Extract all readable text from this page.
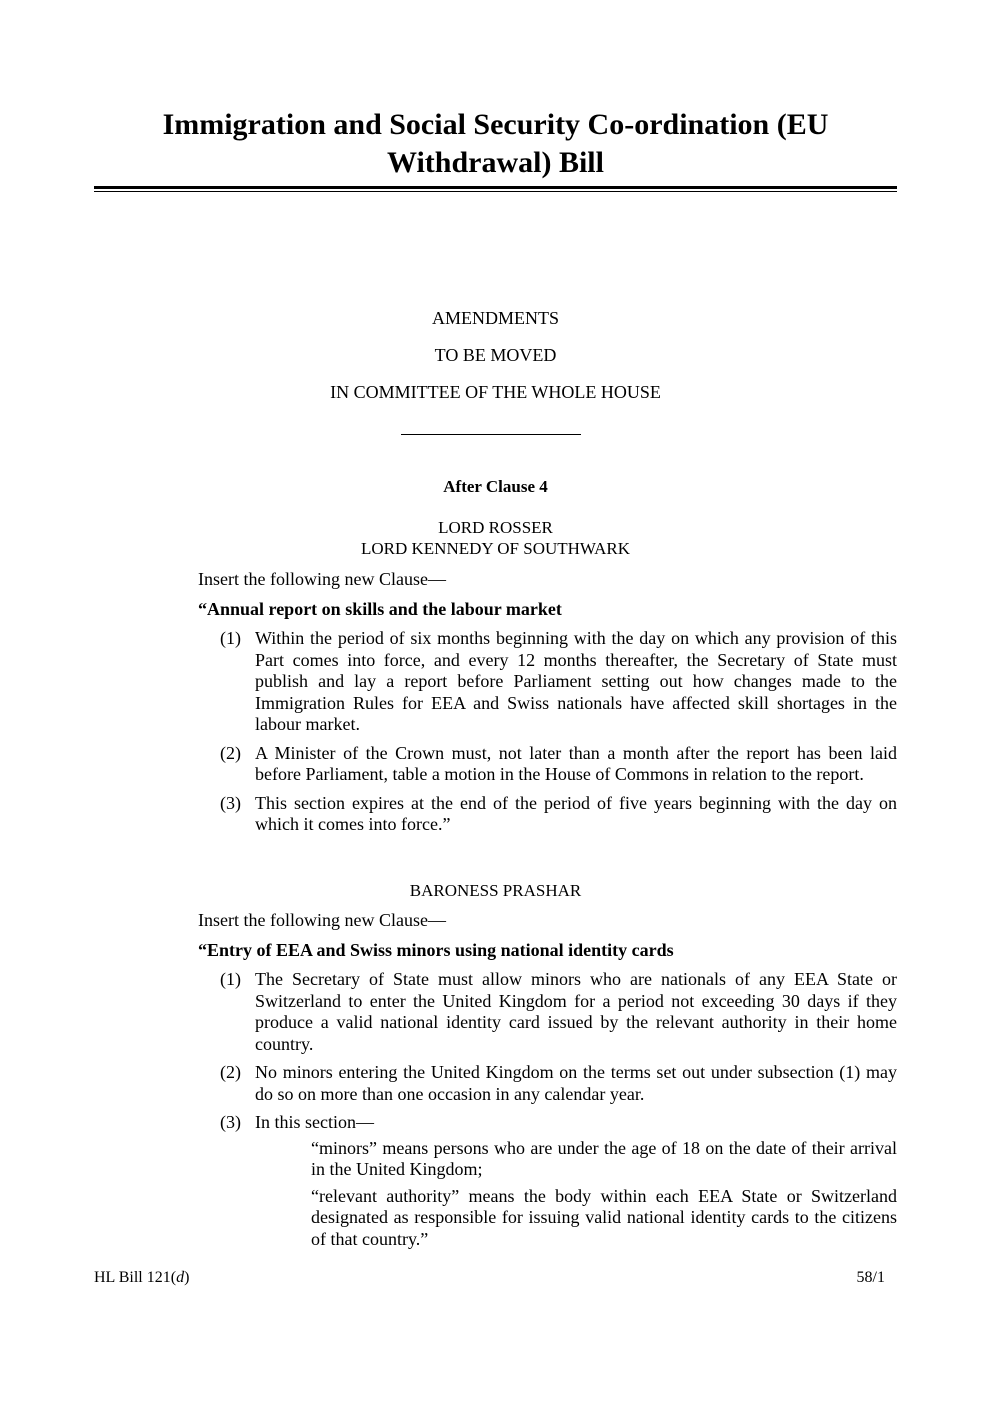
Immigration and Social Security Co-ordination (EU Withdrawal) Bill
AMENDMENTS
TO BE MOVED
IN COMMITTEE OF THE WHOLE HOUSE
After Clause 4
LORD ROSSER
LORD KENNEDY OF SOUTHWARK

Insert the following new Clause—

“Annual report on skills and the labour market

(1) Within the period of six months beginning with the day on which any provision of this Part comes into force, and every 12 months thereafter, the Secretary of State must publish and lay a report before Parliament setting out how changes made to the Immigration Rules for EEA and Swiss nationals have affected skill shortages in the labour market.

(2) A Minister of the Crown must, not later than a month after the report has been laid before Parliament, table a motion in the House of Commons in relation to the report.

(3) This section expires at the end of the period of five years beginning with the day on which it comes into force.”

BARONESS PRASHAR

Insert the following new Clause—

“Entry of EEA and Swiss minors using national identity cards

(1) The Secretary of State must allow minors who are nationals of any EEA State or Switzerland to enter the United Kingdom for a period not exceeding 30 days if they produce a valid national identity card issued by the relevant authority in their home country.

(2) No minors entering the United Kingdom on the terms set out under subsection (1) may do so on more than one occasion in any calendar year.

(3) In this section—

“minors” means persons who are under the age of 18 on the date of their arrival in the United Kingdom;

“relevant authority” means the body within each EEA State or Switzerland designated as responsible for issuing valid national identity cards to the citizens of that country.”

HL Bill 121(d)	58/1
